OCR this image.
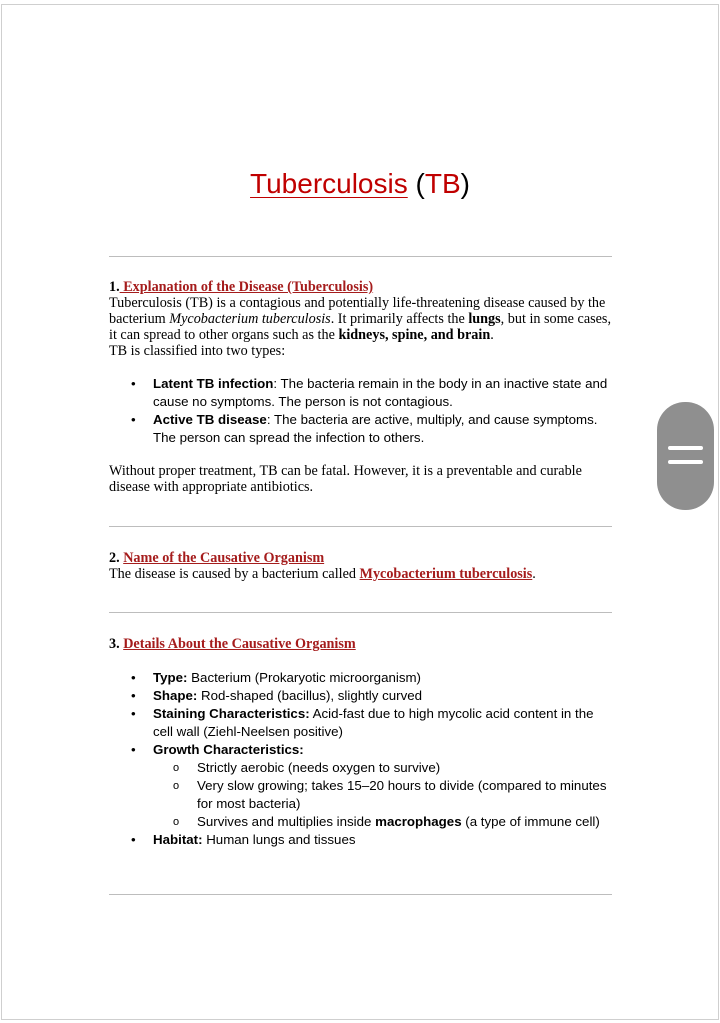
Tuberculosis (TB)
1. Explanation of the Disease (Tuberculosis)
Tuberculosis (TB) is a contagious and potentially life-threatening disease caused by the bacterium Mycobacterium tuberculosis. It primarily affects the lungs, but in some cases, it can spread to other organs such as the kidneys, spine, and brain.
TB is classified into two types:
• Latent TB infection: The bacteria remain in the body in an inactive state and cause no symptoms. The person is not contagious.
• Active TB disease: The bacteria are active, multiply, and cause symptoms. The person can spread the infection to others.
Without proper treatment, TB can be fatal. However, it is a preventable and curable disease with appropriate antibiotics.
2. Name of the Causative Organism
The disease is caused by a bacterium called Mycobacterium tuberculosis.
3. Details About the Causative Organism
• Type: Bacterium (Prokaryotic microorganism)
• Shape: Rod-shaped (bacillus), slightly curved
• Staining Characteristics: Acid-fast due to high mycolic acid content in the cell wall (Ziehl-Neelsen positive)
• Growth Characteristics:
o Strictly aerobic (needs oxygen to survive)
o Very slow growing; takes 15–20 hours to divide (compared to minutes for most bacteria)
o Survives and multiplies inside macrophages (a type of immune cell)
• Habitat: Human lungs and tissues
